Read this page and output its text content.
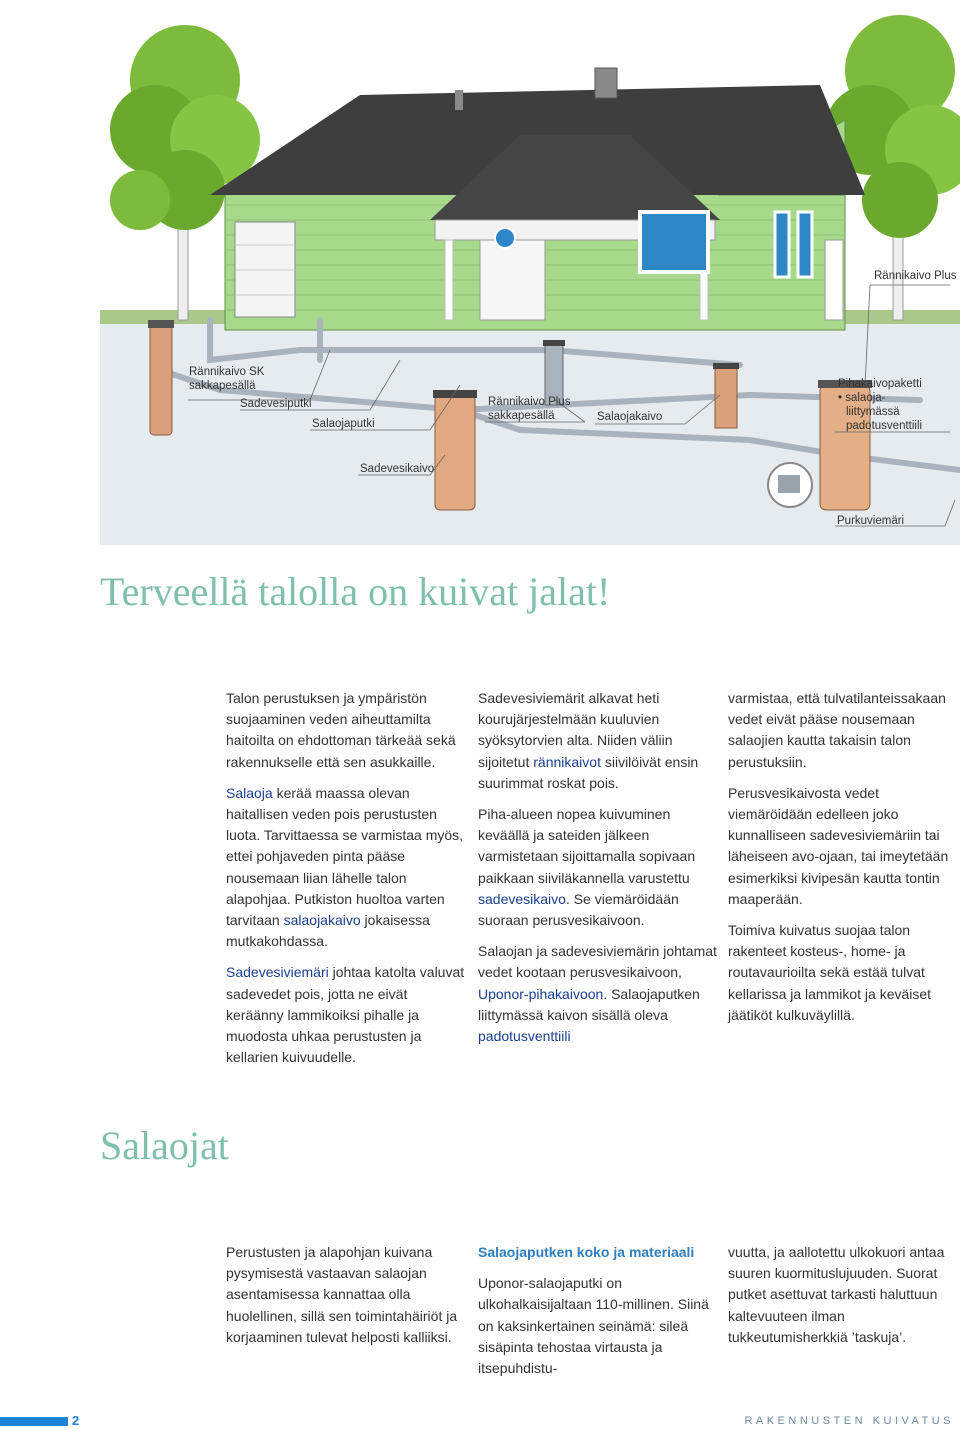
Rännikaivo SK
sakkapesällä
Sadevesiputki
Salaojaputki
Rännikaivo Plus
sakkapesällä	Salaojakaivo
Pihakaivopaketti
• salaoja-
liittymässä
padotusventtiili
Rännikaivo Plus
Sadevesikaivo
Purkuviemäri
Terveellä talolla on kuivat jalat!

Talon perustuksen ja ympäristön suojaaminen veden aiheuttamilta haitoilta on ehdottoman tärkeää sekä rakennukselle että sen asukkaille.

Salaoja kerää maassa olevan haitallisen veden pois perustusten luota. Tarvittaessa se varmistaa myös, ettei pohjaveden pinta pääse nousemaan liian lähelle talon alapohjaa. Putkiston huoltoa varten tarvitaan salaojakaivo jokaisessa mutkakohdassa.

Sadevesiviemäri johtaa katolta valuvat sadevedet pois, jotta ne eivät keräänny lammikoiksi pihalle ja muodosta uhkaa perustusten ja kellarien kuivuudelle.

Sadevesiviemärit alkavat heti kourujärjestelmään kuuluvien syöksytorvien alta. Niiden väliin sijoitetut rännikaivot siivilöivät ensin suurimmat roskat pois.

Piha-alueen nopea kuivuminen keväällä ja sateiden jälkeen varmistetaan sijoittamalla sopivaan paikkaan siiviläkannella varustettu sadevesikaivo. Se viemäröidään suoraan perusvesikaivoon.

Salaojan ja sadevesiviemärin johtamat vedet kootaan perusvesikaivoon, Uponor-pihakaivoon. Salaojaputken liittymässä kaivon sisällä oleva padotusventtiili

varmistaa, että tulvatilanteissakaan vedet eivät pääse nousemaan salaojien kautta takaisin talon perustuksiin.

Perusvesikaivosta vedet viemäröidään edelleen joko kunnalliseen sadevesiviemäriin tai läheiseen avo-ojaan, tai imeytetään esimerkiksi kivipesän kautta tontin maaperään.

Toimiva kuivatus suojaa talon rakenteet kosteus-, home- ja routavaurioilta sekä estää tulvat kellarissa ja lammikot ja keväiset jäätiköt kulkuväylillä.

Salaojat

Perustusten ja alapohjan kuivana pysymisestä vastaavan salaojan asentamisessa kannattaa olla huolellinen, sillä sen toimintahäiriöt ja korjaaminen tulevat helposti kalliiksi.

Salaojaputken koko ja materiaali

Uponor-salaojaputki on ulkohalkaisijaltaan 110-millinen. Siinä on kaksinkertainen seinämä: sileä sisäpinta tehostaa virtausta ja itsepuhdistu-

vuutta, ja aallotettu ulkokuori antaa suuren kuormituslujuuden. Suorat putket asettuvat tarkasti haluttuun kaltevuuteen ilman tukkeutumisherkkiä ’taskuja’.

2	RAKENNUSTEN KUIVATUS
